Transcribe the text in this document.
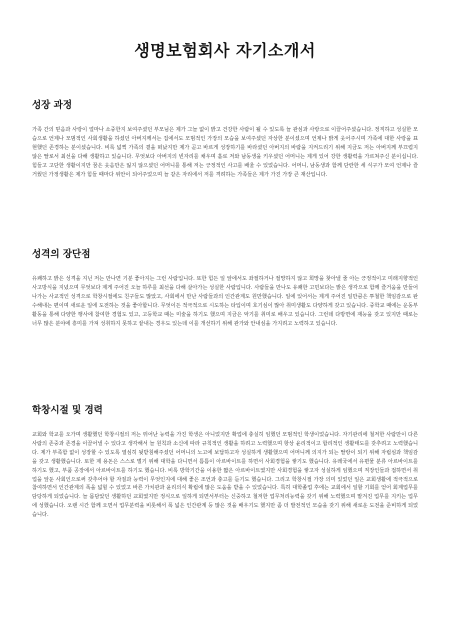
생명보험회사 자기소개서
성장 과정

가족 간의 믿음과 사랑이 얼마나 소중한지 보여주셨던 부모님은 제가 그늘 없이 밝고 건강한 사람이 될 수 있도록 늘 관심과 사랑으로 이끌어주셨습니다. 정직하고 성실한 모습으로 언제나 모범적인 사회생활을 하셨던 아버지께서는 집에서도 모범적인 가장의 모습을 보여주셨던 자상한 분이셨으며 언제나 밝게 웃어주시며 가족에 대한 사랑을 표현했던 존경하는 분이셨습니다. 비록 넓찍 가족의 곁을 떠났지만 제가 곧고 바르게 성장하기를 바라셨던 아버지의 바람을 지켜드리기 위해 지금도 저는 아버지께 부끄럽지 않은 딸로서 최선을 다해 생활하고 있습니다. 무엇보다 아버지의 빈자리를 채우며 홀로 저와 남동생을 키우셨던 어머니는 제게 있어 강한 생활력을 가르쳐주신 분이십니다. 힘들고 고단한 생활이지만 꿈은 웃음만은 잃지 않으셨던 어머니를 통해 저는 긍정적인 사고를 배울 수 있었습니다. 어머니, 남동생과 함께 단란한 세 식구가 모여 언제나 즐거웠던 가정생활은 제가 힘들 때마다 위안이 되어주었으며 늘 같은 자리에서 저를 격려하는 가족들은 제가 가진 가장 큰 재산입니다.

성격의 장단점

유쾌하고 밝은 성격을 지닌 저는 만나면 기분 좋아지는 그런 사람입니다. 또한 힘든 일 앞에서도 좌절하거나 절망하지 않고 희망을 찾아낼 줄 아는 긍정적이고 미래지향적인 사고방식을 지녔으며 무엇보다 제게 주어진 오늘 하루를 최선을 다해 살아가는 성실한 사람입니다. 사람들을 만나도 유쾌한 고민보다는 밝은 생각으로 함께 즐거움을 만들어나가는 사교적인 성격으로 학창시절에도 친구들도 많았고, 사회에서 만난 사람들과의 인간관계도 원만했습니다. 일에 있어서는 제게 주어진 일만큼은 투철한 책임감으로 완수해내는 편이며 새로운 일에 도전하는 것을 좋아합니다. 무엇이든 적극적으로 시도하는 타입이며 호기심이 많아 취미생활도 다양하게 갖고 있습니다. 중학교 때에는 운동부 활동을 통해 다양한 행사에 참여한 경험도 있고, 고등학교 때는 미술을 하기도 했으며 지금은 악기를 취미로 배우고 있습니다. 그런데 다방면에 재능을 갖고 있지만 때로는 너무 많은 분야에 흥미를 가져 성취하지 못하고 끝내는 경우도 있는데 이를 개선하기 위해 관가와 안내심을 가지려고 노력하고 있습니다.

학창시절 및 경력

교회와 학교를 오가며 생활했던 학창시절의 저는 뛰어난 능력을 가진 학생은 아니었지만 확업에 충실히 임했던 모범적인 학생이었습니다. 자기관리에 철저한 사람만이 다른 사람의 존중과 존경을 이끌어낼 수 있다고 생각해서 늘 원칙과 소신에 따라 규칙적인 생활을 하려고 노력했으며 항상 윤리적이고 합리적인 생활태도를 갖추려고 노력했습니다. 제가 부족함 없이 성장할 수 있도록 열심히 뒷받침해주셨던 어머니의 노고에 보답하고자 성실하게 생활했으며 어머니께 의지가 되는 딸랑이 되기 위해 자립심과 책임감을 갖고 생활했습니다. 또한 제 용돈은 스스로 벌기 위해 대학을 다니면서 틈틈이 아르바이트를 하면서 사회경험을 쌓기도 했습니다. 유레국에서 유편물 분류 아르바이트를 하기도 했고, 부품 공장에서 아르바이트를 하기도 했습니다. 비록 방학기간을 이용한 짧은 아르바이트였지만 사회경험을 쌓고자 성실하게 임했으며 직장인들과 접하면서 취업을 앞둔 사회인으로써 갖추어야 할 자질과 능력이 무엇인지에 대해 좋은 조언과 충고를 듣기도 했습니다. 그리고 학창시절 가장 의미 있었던 일은 교회생활에 적극적으로 참여하면서 인간관계의 폭을 넓힐 수 있었고 바른 가치관과 윤리의식 확립에 많은 도움을 받을 수 있었습니다. 특히 대학졸업 후에는 교회에서 일할 기회를 얻어 회계업무를 담당하게 되었습니다. 늘 몸담았던 생활하던 교회였지만 정식으로 일하게 되면서부터는 신중하고 철저한 업무처리능력을 갖기 위해 노력했으며 맡겨진 업무를 지키는 업무에 성했습니다. 오랜 시간 함께 오면서 업무분력을 비롯해서 폭 넓은 인간관계 등 많은 것을 배우기도 했지만 좀 더 발전적인 모습을 갖기 위해 새로운 도전을 준비하게 되었습니다.
